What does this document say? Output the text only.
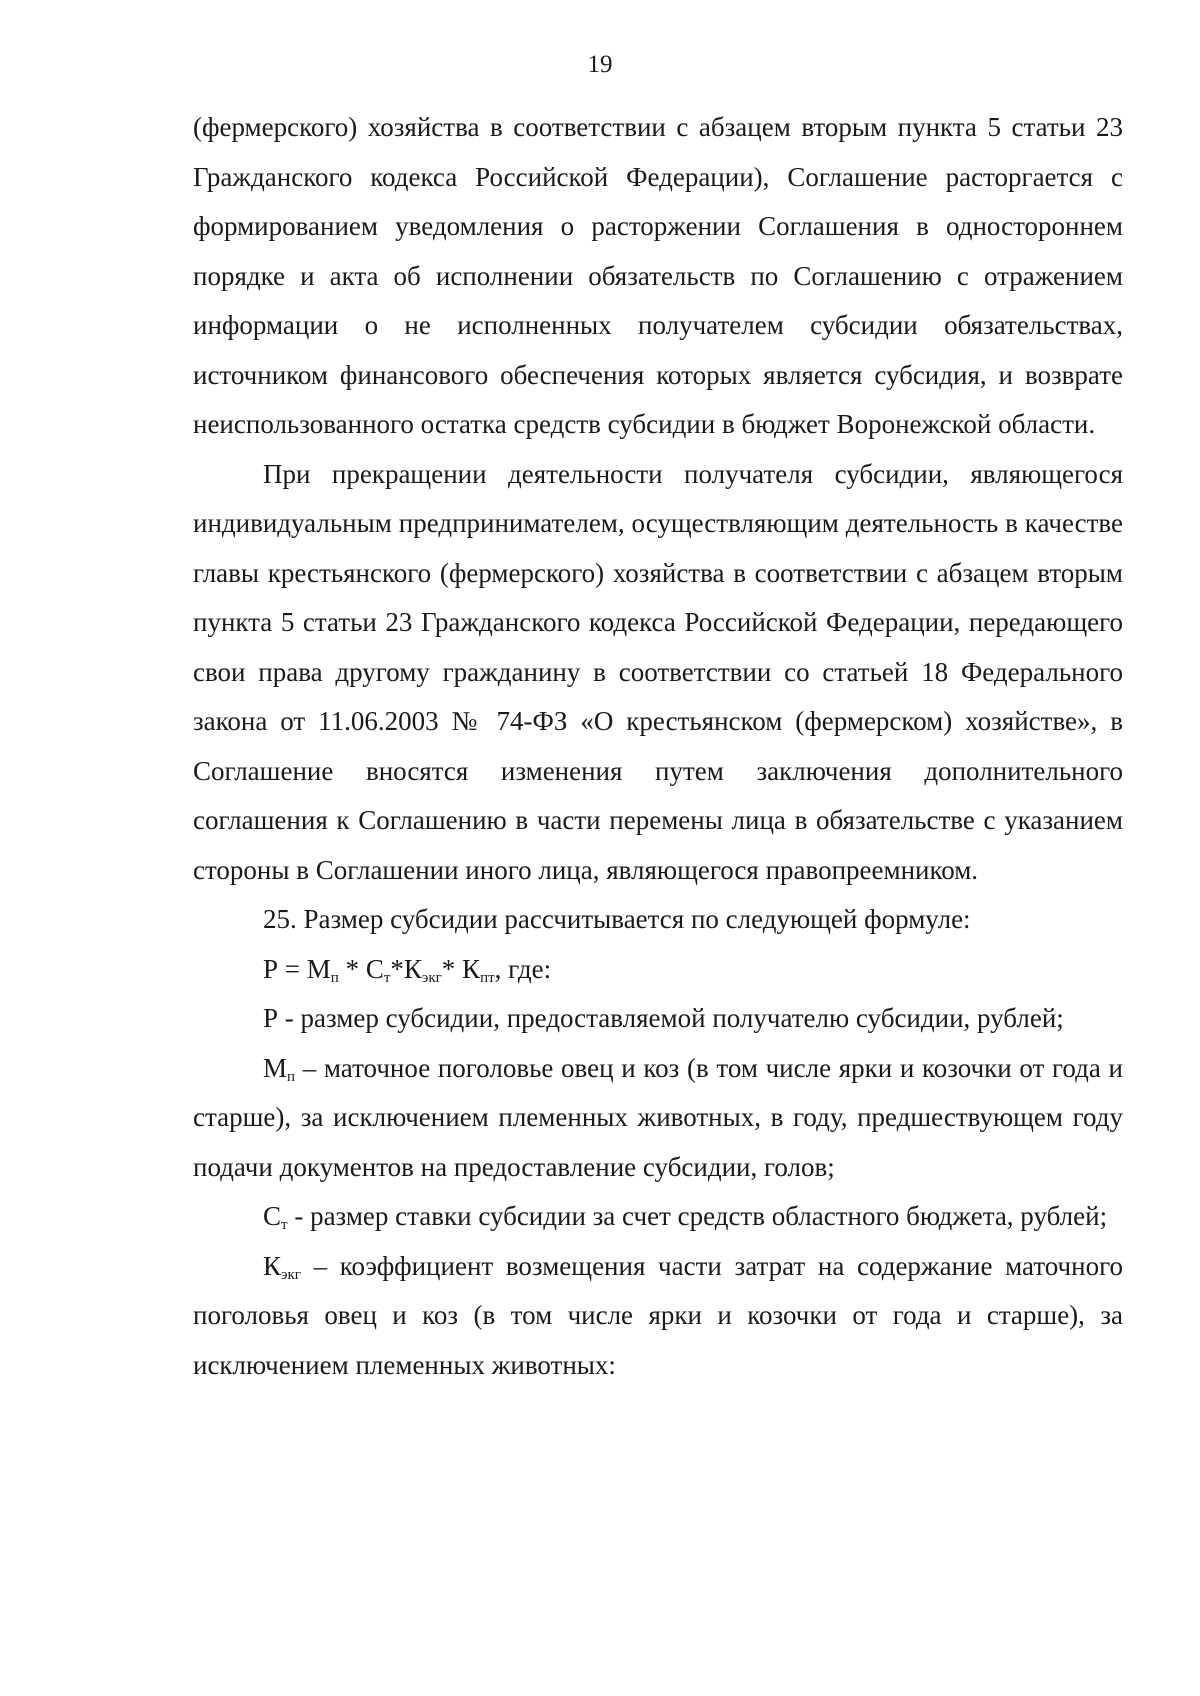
19

(фермерского) хозяйства в соответствии с абзацем вторым пункта 5 статьи 23 Гражданского кодекса Российской Федерации), Соглашение расторгается с формированием уведомления о расторжении Соглашения в одностороннем порядке и акта об исполнении обязательств по Соглашению с отражением информации о не исполненных получателем субсидии обязательствах, источником финансового обеспечения которых является субсидия, и возврате неиспользованного остатка средств субсидии в бюджет Воронежской области.

При прекращении деятельности получателя субсидии, являющегося индивидуальным предпринимателем, осуществляющим деятельность в качестве главы крестьянского (фермерского) хозяйства в соответствии с абзацем вторым пункта 5 статьи 23 Гражданского кодекса Российской Федерации, передающего свои права другому гражданину в соответствии со статьей 18 Федерального закона от 11.06.2003 № 74-ФЗ «О крестьянском (фермерском) хозяйстве», в Соглашение вносятся изменения путем заключения дополнительного соглашения к Соглашению в части перемены лица в обязательстве с указанием стороны в Соглашении иного лица, являющегося правопреемником.

25. Размер субсидии рассчитывается по следующей формуле:

$Р = М_п * С_т*К_{экг}*$ $К_{пт}$, где:

Р - размер субсидии, предоставляемой получателю субсидии, рублей;

$М_п$ – маточное поголовье овец и коз (в том числе ярки и козочки от года и старше), за исключением племенных животных, в году, предшествующем году подачи документов на предоставление субсидии, голов;

$С_т$ - размер ставки субсидии за счет средств областного бюджета, рублей;

$К_{экг}$ – коэффициент возмещения части затрат на содержание маточного поголовья овец и коз (в том числе ярки и козочки от года и старше), за исключением племенных животных:
